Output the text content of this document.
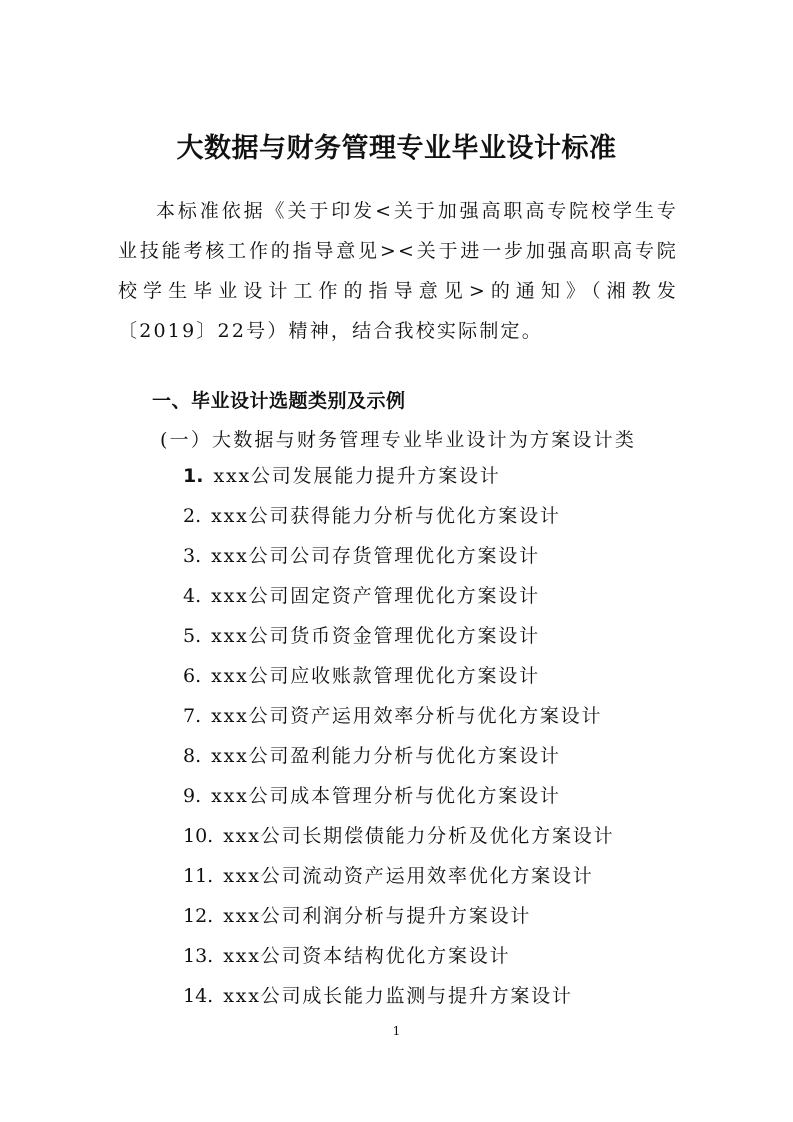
大数据与财务管理专业毕业设计标准

本标准依据《关于印发<关于加强高职高专院校学生专业技能考核工作的指导意见><关于进一步加强高职高专院校学生毕业设计工作的指导意见>的通知》（湘教发〔2019〕22号）精神，结合我校实际制定。

一、毕业设计选题类别及示例

(一）大数据与财务管理专业毕业设计为方案设计类

1. xxx公司发展能力提升方案设计
2. xxx公司获得能力分析与优化方案设计
3. xxx公司公司存货管理优化方案设计
4. xxx公司固定资产管理优化方案设计
5. xxx公司货币资金管理优化方案设计
6. xxx公司应收账款管理优化方案设计
7. xxx公司资产运用效率分析与优化方案设计
8. xxx公司盈利能力分析与优化方案设计
9. xxx公司成本管理分析与优化方案设计
10. xxx公司长期偿债能力分析及优化方案设计
11. xxx公司流动资产运用效率优化方案设计
12. xxx公司利润分析与提升方案设计
13. xxx公司资本结构优化方案设计
14. xxx公司成长能力监测与提升方案设计

1
